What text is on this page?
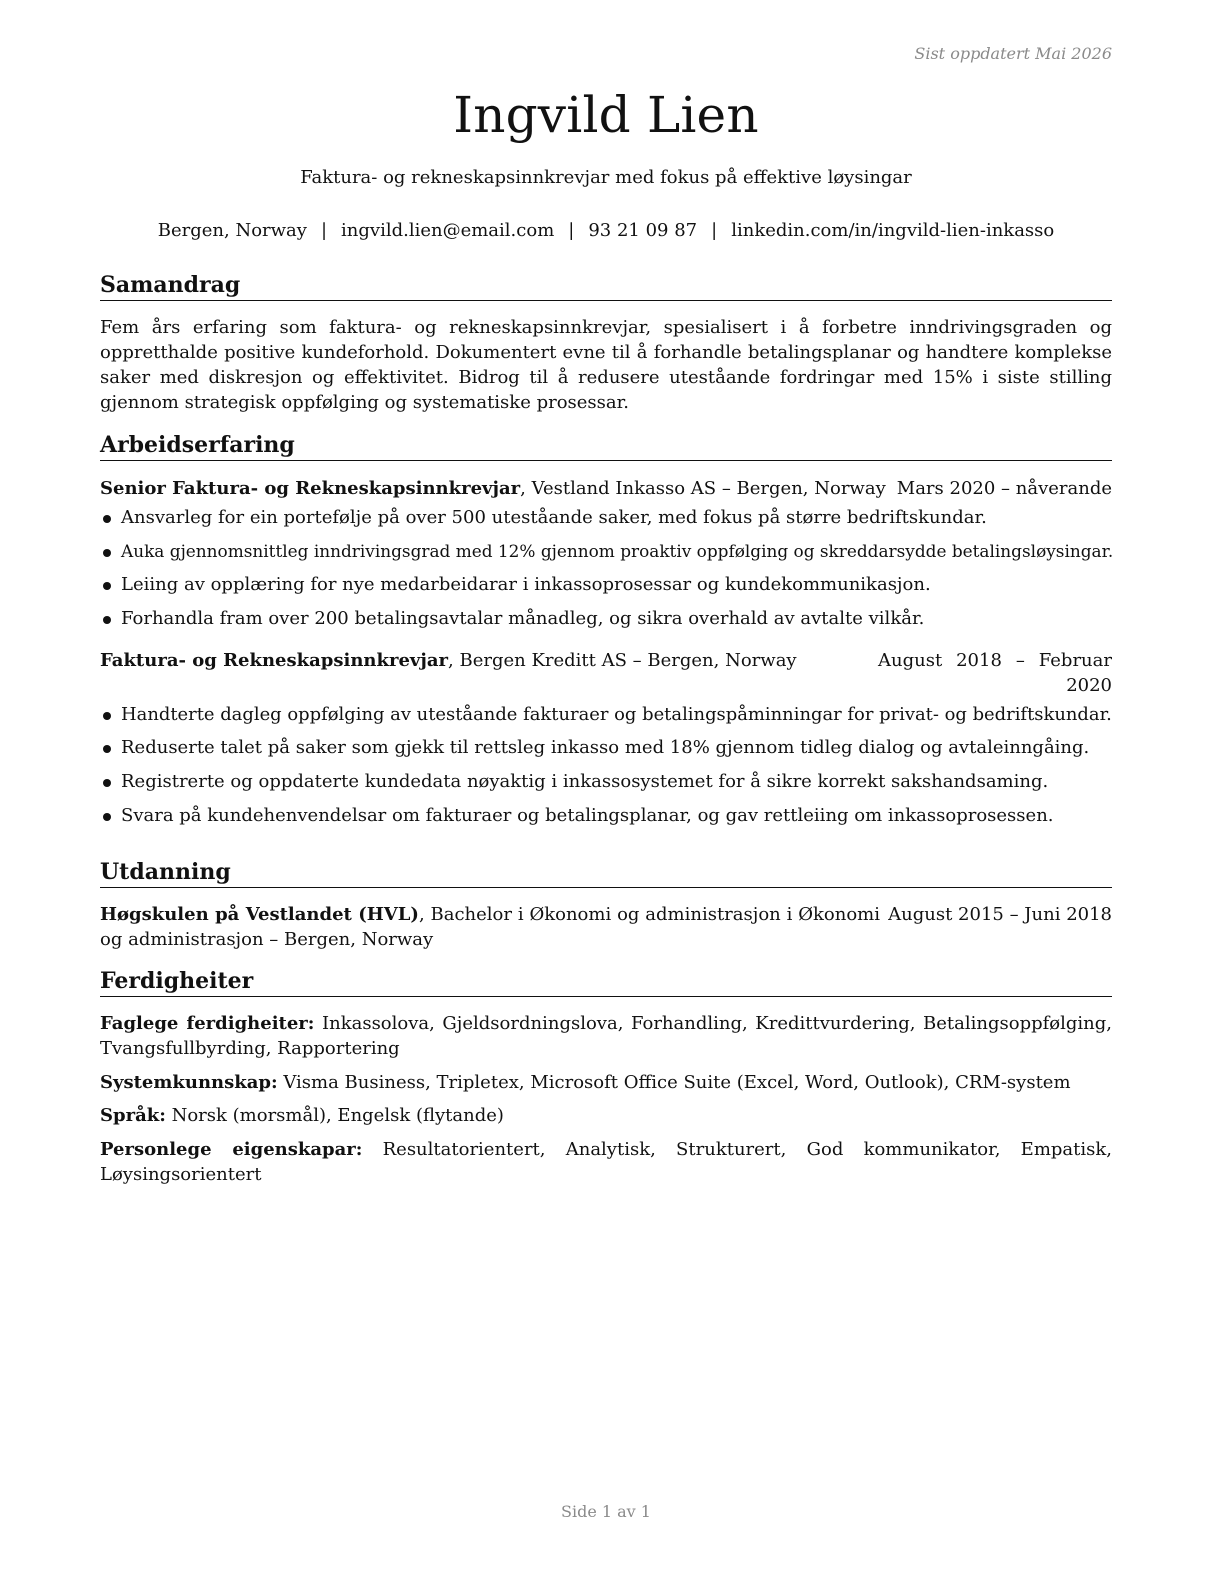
Sist oppdatert Mai 2026
Ingvild Lien
Faktura- og rekneskapsinnkrevjar med fokus på effektive løysingar
Bergen, Norway | ingvild.lien@email.com | 93 21 09 87 | linkedin.com/in/ingvild-lien-inkasso
Samandrag

Fem års erfaring som faktura- og rekneskapsinnkrevjar, spesialisert i å forbetre inndrivingsgraden og oppretthalde positive kundeforhold. Dokumentert evne til å forhandle betalingsplanar og handtere komplekse saker med diskresjon og effektivitet. Bidrog til å redusere uteståande fordringar med 15% i siste stilling gjennom strategisk oppfølging og systematiske prosessar.

Arbeidserfaring
Senior Faktura- og Rekneskapsinnkrevjar, Vestland Inkasso AS – Bergen, Norway Mars 2020 – nåverande
Ansvarleg for ein portefølje på over 500 uteståande saker, med fokus på større bedriftskundar.
Auka gjennomsnittleg inndrivingsgrad med 12% gjennom proaktiv oppfølging og skreddarsydde betalingsløysingar.
Leiing av opplæring for nye medarbeidarar i inkassoprosessar og kundekommunikasjon.
Forhandla fram over 200 betalingsavtalar månadleg, og sikra overhald av avtalte vilkår.
Faktura- og Rekneskapsinnkrevjar, Bergen Kreditt AS – Bergen, Norway	August 2018 – Februar 2020
Handterte dagleg oppfølging av uteståande fakturaer og betalingspåminningar for privat- og bedriftskundar.
Reduserte talet på saker som gjekk til rettsleg inkasso med 18% gjennom tidleg dialog og avtaleinngåing.
Registrerte og oppdaterte kundedata nøyaktig i inkassosystemet for å sikre korrekt sakshandsaming.
Svara på kundehenvendelsar om fakturaer og betalingsplanar, og gav rettleiing om inkassoprosessen.
Utdanning
Høgskulen på Vestlandet (HVL), Bachelor i Økonomi og administrasjon i Økonomi og administrasjon – Bergen, Norway
August 2015 – Juni 2018
Ferdigheiter

Faglege ferdigheiter: Inkassolova, Gjeldsordningslova, Forhandling, Kredittvurdering, Betalingsoppfølging, Tvangsfullbyrding, Rapportering

Systemkunnskap: Visma Business, Tripletex, Microsoft Office Suite (Excel, Word, Outlook), CRM-system

Språk: Norsk (morsmål), Engelsk (flytande)

Personlege eigenskapar: Resultatorientert, Analytisk, Strukturert, God kommunikator, Empatisk, Løysingsorientert

Side 1 av 1
